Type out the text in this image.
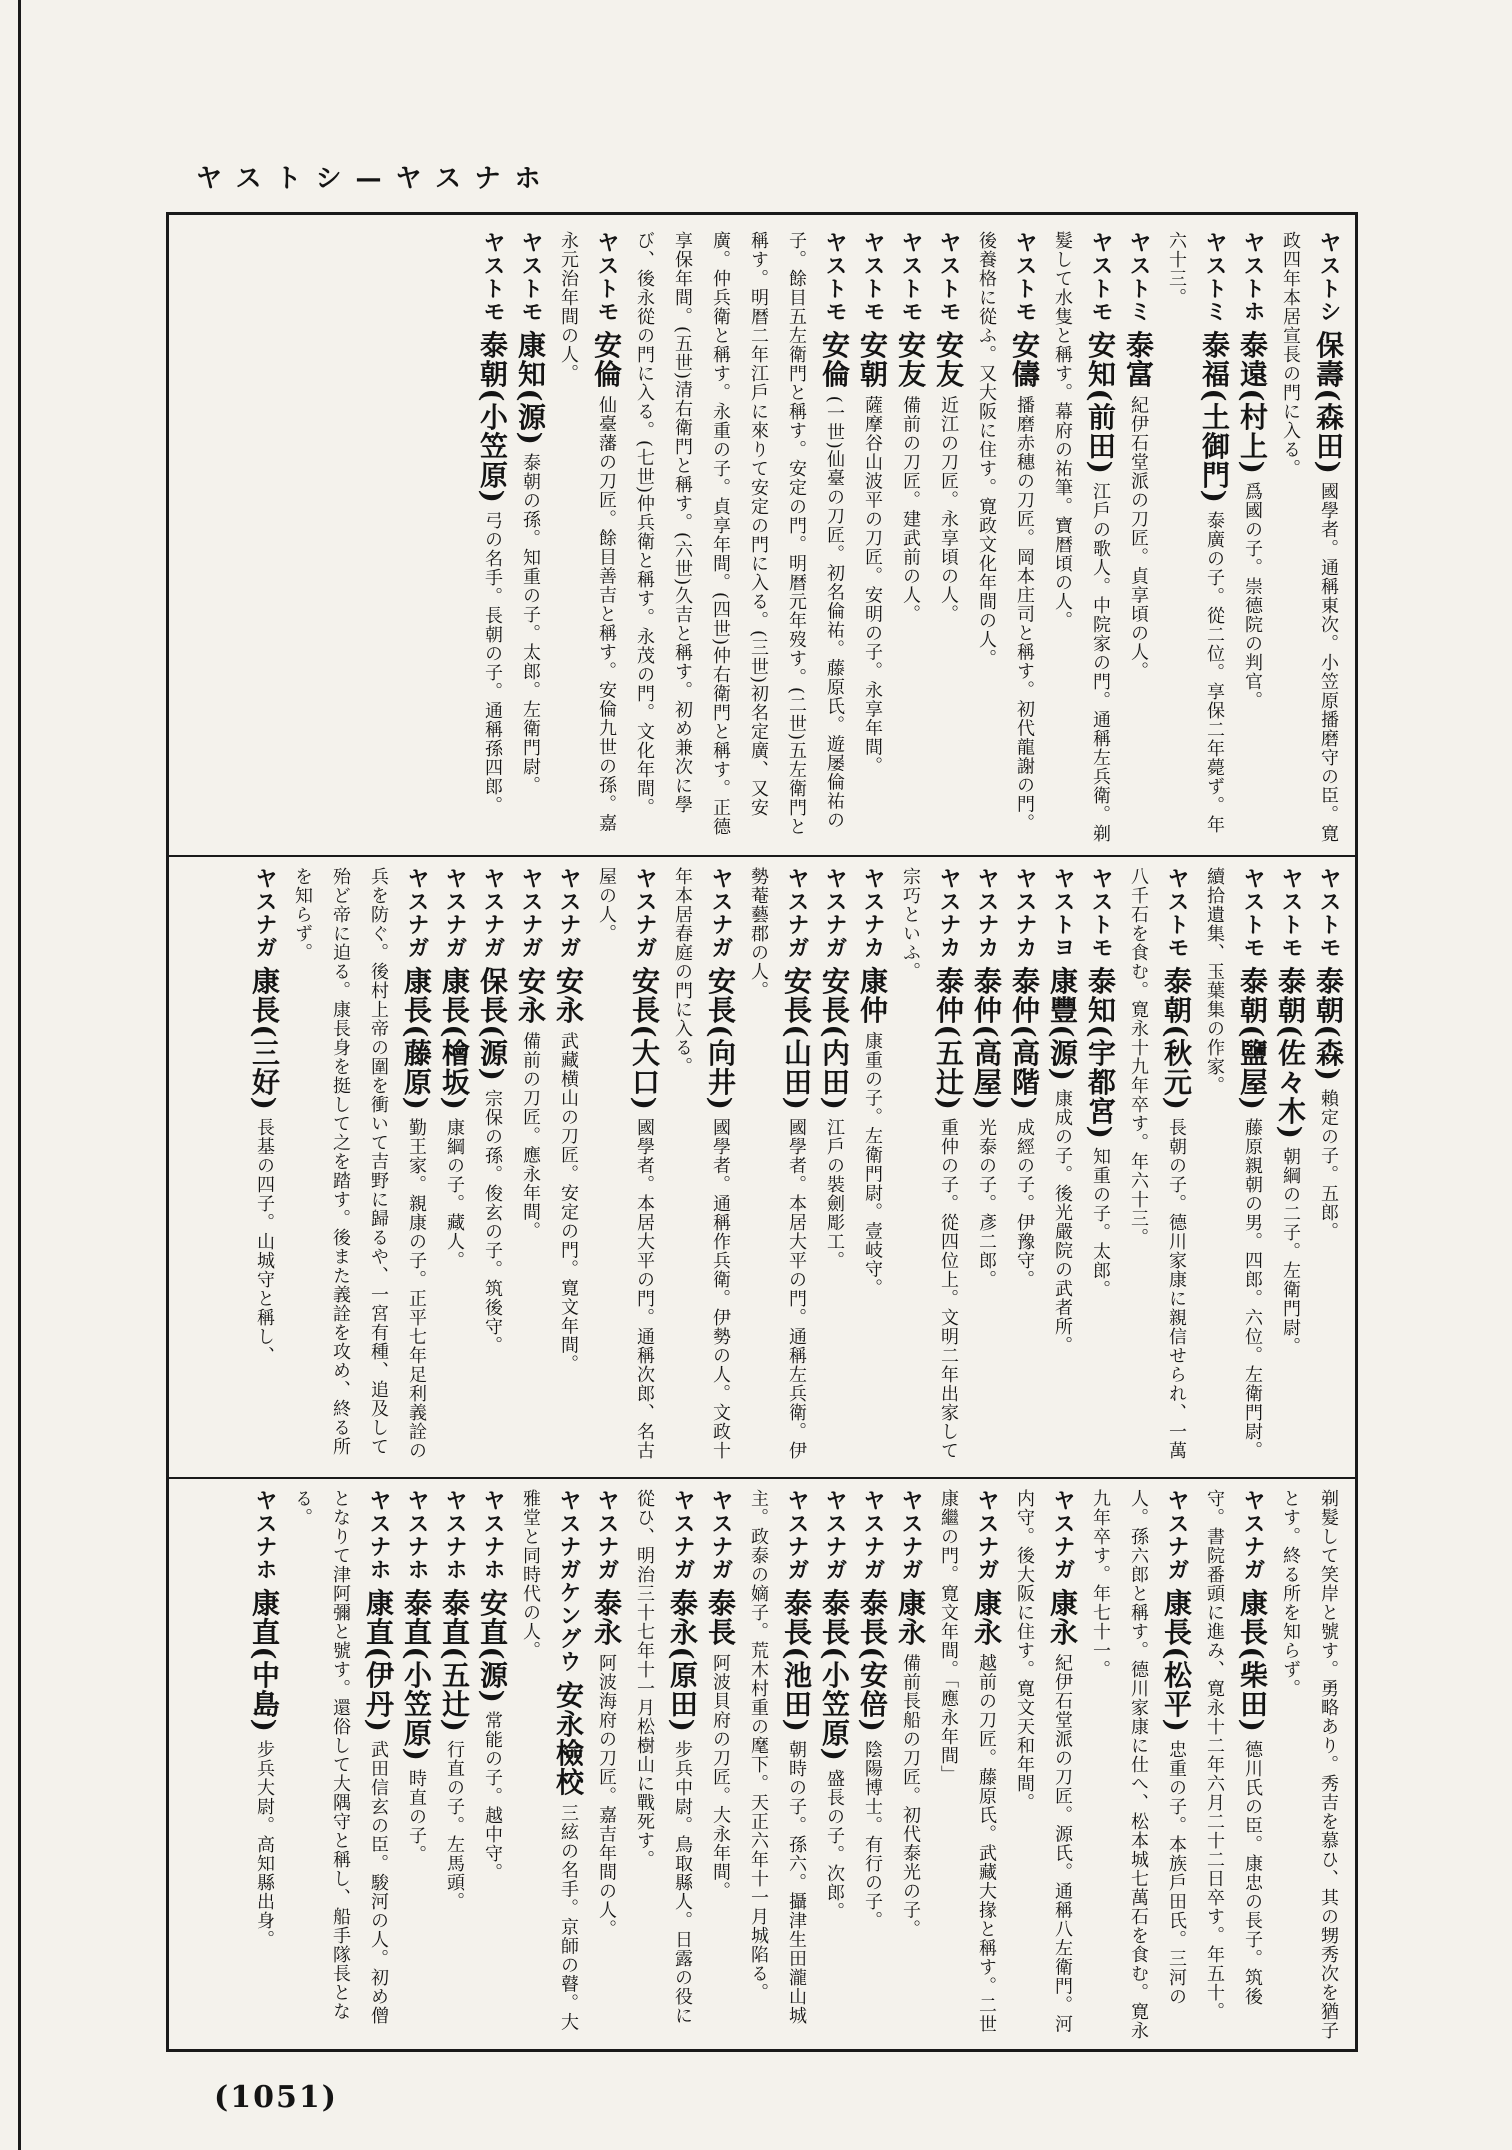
ヤストシ—ヤスナホ
ヤストシ 保壽(森田) 國學者。通稱東次。小笠原播磨守の臣。寛政四年本居宣長の門に入る。
ヤストホ 泰遠(村上) 爲國の子。崇德院の判官。
ヤストミ 泰福(土御門) 泰廣の子。從二位。享保二年薨ず。年六十三。
ヤストミ 泰富 紀伊石堂派の刀匠。貞享頃の人。
ヤストモ 安知(前田) 江戶の歌人。中院家の門。通稱左兵衛。剃髮して水隻と稱す。幕府の祐筆。寶暦頃の人。
ヤストモ 安儔 播磨赤穗の刀匠。岡本庄司と稱す。初代龍謝の門。後養格に從ふ。又大阪に住す。寛政文化年間の人。
ヤストモ 安友 近江の刀匠。永享頃の人。
ヤストモ 安友 備前の刀匠。建武前の人。
ヤストモ 安朝 薩摩谷山波平の刀匠。安明の子。永享年間。
ヤストモ 安倫 (一世)仙臺の刀匠。初名倫祐。藤原氏。遊屡倫祐の子。餘目五左衛門と稱す。安定の門。明暦元年歿す。(二世)五左衛門と稱す。明暦二年江戶に來りて安定の門に入る。(三世)初名定廣、又安廣。仲兵衛と稱す。永重の子。貞享年間。(四世)仲右衛門と稱す。正德享保年間。(五世)清右衛門と稱す。(六世)久吉と稱す。初め兼次に學び、後永從の門に入る。(七世)仲兵衛と稱す。永茂の門。文化年間。
ヤストモ 安倫 仙臺藩の刀匠。餘目善吉と稱す。安倫九世の孫。嘉永元治年間の人。
ヤストモ 康知(源) 泰朝の孫。知重の子。太郎。左衛門尉。
ヤストモ 泰朝(小笠原) 弓の名手。長朝の子。通稱孫四郎。
ヤストモ 泰朝(森) 賴定の子。五郎。
ヤストモ 泰朝(佐々木) 朝綱の二子。左衛門尉。
ヤストモ 泰朝(鹽屋) 藤原親朝の男。四郎。六位。左衛門尉。續拾遺集、玉葉集の作家。
ヤストモ 泰朝(秋元) 長朝の子。德川家康に親信せられ、一萬八千石を食む。寛永十九年卒す。年六十三。
ヤストモ 泰知(宇都宮) 知重の子。太郎。
ヤストヨ 康豐(源) 康成の子。後光嚴院の武者所。
ヤスナカ 泰仲(高階) 成經の子。伊豫守。
ヤスナカ 泰仲(高屋) 光泰の子。彥二郎。
ヤスナカ 泰仲(五辻) 重仲の子。從四位上。文明二年出家して宗巧といふ。
ヤスナカ 康仲 康重の子。左衛門尉。壹岐守。
ヤスナガ 安長(内田) 江戶の裝劍彫工。
ヤスナガ 安長(山田) 國學者。本居大平の門。通稱左兵衛。伊勢菴藝郡の人。
ヤスナガ 安長(向井) 國學者。通稱作兵衛。伊勢の人。文政十年本居春庭の門に入る。
ヤスナガ 安長(大口) 國學者。本居大平の門。通稱次郎、名古屋の人。
ヤスナガ 安永 武藏横山の刀匠。安定の門。寛文年間。
ヤスナガ 安永 備前の刀匠。應永年間。
ヤスナガ 保長(源) 宗保の孫。俊玄の子。筑後守。
ヤスナガ 康長(檜坂) 康綱の子。藏人。
ヤスナガ 康長(藤原) 勤王家。親康の子。正平七年足利義詮の兵を防ぐ。後村上帝の圍を衝いて吉野に歸るや、一宮有種、追及して殆ど帝に迫る。康長身を挺して之を踏す。後また義詮を攻め、終る所を知らず。
ヤスナガ 康長(三好) 長基の四子。山城守と稱し、
剃髮して笑岸と號す。勇略あり。秀吉を慕ひ、其の甥秀次を猶子とす。終る所を知らず。
ヤスナガ 康長(柴田) 德川氏の臣。康忠の長子。筑後守。書院番頭に進み、寛永十二年六月二十二日卒す。年五十。
ヤスナガ 康長(松平) 忠重の子。本族戶田氏。三河の人。孫六郎と稱す。德川家康に仕へ、松本城七萬石を食む。寛永九年卒す。年七十一。
ヤスナガ 康永 紀伊石堂派の刀匠。源氏。通稱八左衛門。河内守。後大阪に住す。寛文天和年間。
ヤスナガ 康永 越前の刀匠。藤原氏。武藏大掾と稱す。二世康繼の門。寛文年間。「應永年間」
ヤスナガ 康永 備前長船の刀匠。初代泰光の子。
ヤスナガ 泰長(安倍) 陰陽博士。有行の子。
ヤスナガ 泰長(小笠原) 盛長の子。次郎。
ヤスナガ 泰長(池田) 朝時の子。孫六。攝津生田瀧山城主。政泰の嫡子。荒木村重の麾下。天正六年十一月城陷る。
ヤスナガ 泰長 阿波貝府の刀匠。大永年間。
ヤスナガ 泰永(原田) 步兵中尉。鳥取縣人。日露の役に從ひ、明治三十七年十一月松樹山に戰死す。
ヤスナガ 泰永 阿波海府の刀匠。嘉吉年間の人。
ヤスナガケングウ 安永檢校 三絃の名手。京師の瞽。大雅堂と同時代の人。
ヤスナホ 安直(源) 常能の子。越中守。
ヤスナホ 泰直(五辻) 行直の子。左馬頭。
ヤスナホ 泰直(小笠原) 時直の子。
ヤスナホ 康直(伊丹) 武田信玄の臣。駿河の人。初め僧となりて津阿彌と號す。還俗して大隅守と稱し、船手隊長となる。
ヤスナホ 康直(中島) 步兵大尉。高知縣出身。
(1051)
